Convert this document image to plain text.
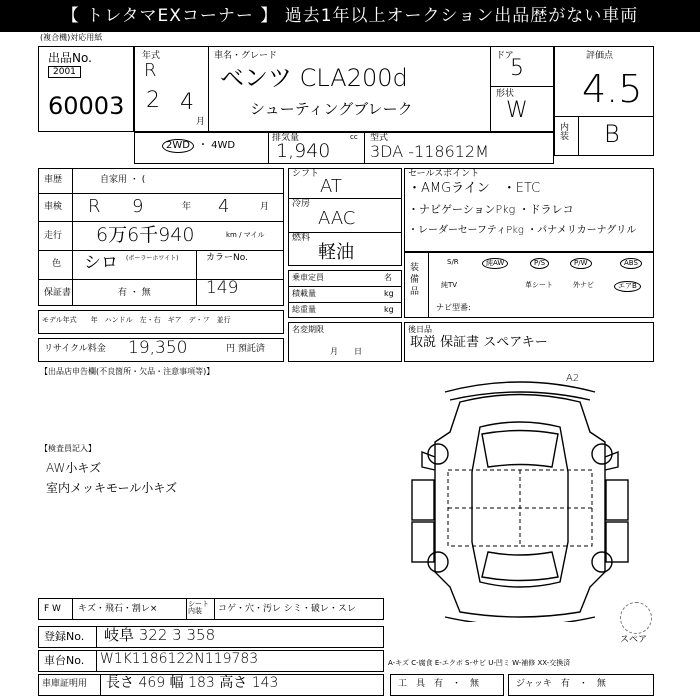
【 トレタマEXコーナー 】 過去1年以上オークション出品歴がない車両
(複合機)対応用紙
出品No.
2001
60003
年式
R
2 4
月
車名・グレード
ベンツ CLA200d
シューティングブレーク
ドア
5
形状
W
評価点
4.5
内装 B
2WD ・ 4WD
排気量	cc
1,940
型式
3DA -118612M
車歴	自家用 ・ (
車検 R 9	年 4	月
走行 6万6千940	km / マイル
色 シロ (ポーラーホワイト)	カラーNo.
149
保証書	有 ・ 無
モデル年式　　年　ハンドル　左・右　ギア　デ・フ　並行
リサイクル料金 19,350	円 預託済
【出品店申告欄(不良箇所・欠品・注意事項等)】
シフト
AT
冷房
AAC
燃料
軽油
乗車定員	名
積載量	kg
総重量	kg
名変期限
月　　日
セールスポイント
・AMGライン　・ETC
・ナビゲーションPkg ・ドラレコ
・レーダーセーフティPkg ・パナメリカーナグリル
装備品
S/R	純AW	P/S	P/W	ABS
純TV	革シート	外ナビ	エアB
ナビ型番:
後日品
取説 保証書 スペアキー
【検査員記入】
AW小キズ
室内メッキモール小キズ
A2
スペア
F W キズ・飛石・割レ×	シート内装	コゲ・穴・汚レ シミ・破レ・スレ
登録No. 岐阜 322 3 358
車台No. W1K1186122N119783	A-キズ C-腐食 E-エクボ S-サビ U-凹ミ W-補修 XX-交換済
車庫証明用 長さ 469 幅 183 高さ 143	工　具　有　・　無	ジャッキ　有　・　無
